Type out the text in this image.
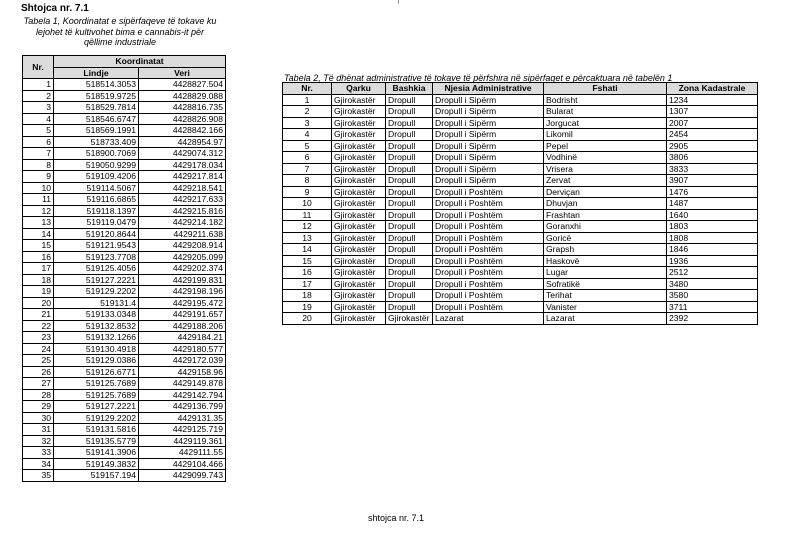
Shtojca nr. 7.1
Tabela 1, Koordinatat e sipërfaqeve të tokave ku lejohet të kultivohet bima e cannabis-it për qëllime industriale
Nr.	Koordinatat	
	Lindje	Veri
1	518514.3053	4428827.504
2	518519.9725	4428829.088
3	518529.7814	4428816.735
4	518546.6747	4428826.908
5	518569.1991	4428842.166
6	518733.409	4428954.97
7	518900.7069	4429074.312
8	519050.9299	4429178.034
9	519109.4206	4429217.814
10	519114.5067	4429218.541
11	519116.6865	4429217.633
12	519118.1397	4429215.816
13	519119.0479	4429214.182
14	519120.8644	4429211.638
15	519121.9543	4429208.914
16	519123.7708	4429205.099
17	519125.4056	4429202.374
18	519127.2221	4429199.831
19	519129.2202	4429198.196
20	519131.4	4429195.472
21	519133.0348	4429191.657
22	519132.8532	4429188.206
23	519132.1266	4429184.21
24	519130.4918	4429180.577
25	519129.0386	4429172.039
26	519126.6771	4429158.96
27	519125.7689	4429149.878
28	519125.7689	4429142.794
29	519127.2221	4429136.799
30	519129.2202	4429131.35
31	519131.5816	4429125.719
32	519135.5779	4429119.361
33	519141.3906	4429111.55
34	519149.3832	4429104.466
35	519157.194	4429099.743
Tabela 2, Të dhënat administrative të tokave të përfshira në sipërfaqet e përcaktuara në tabelën 1
Nr.	Qarku	Bashkia	Njesia Administrative	Fshati	Zona Kadastrale
1	Gjirokastër	Dropull	Dropull i Sipërm	Bodrisht	1234
2	Gjirokastër	Dropull	Dropull i Sipërm	Bularat	1307
3	Gjirokastër	Dropull	Dropull i Sipërm	Jorgucat	2007
4	Gjirokastër	Dropull	Dropull i Sipërm	Likomil	2454
5	Gjirokastër	Dropull	Dropull i Sipërm	Pepel	2905
6	Gjirokastër	Dropull	Dropull i Sipërm	Vodhinë	3806
7	Gjirokastër	Dropull	Dropull i Sipërm	Vrisera	3833
8	Gjirokastër	Dropull	Dropull i Sipërm	Zervat	3907
9	Gjirokastër	Dropull	Dropull i Poshtëm	Derviçan	1476
10	Gjirokastër	Dropull	Dropull i Poshtëm	Dhuvjan	1487
11	Gjirokastër	Dropull	Dropull i Poshtëm	Frashtan	1640
12	Gjirokastër	Dropull	Dropull i Poshtëm	Goranxhi	1803
13	Gjirokastër	Dropull	Dropull i Poshtëm	Goricë	1808
14	Gjirokastër	Dropull	Dropull i Poshtëm	Grapsh	1846
15	Gjirokastër	Dropull	Dropull i Poshtëm	Haskovë	1936
16	Gjirokastër	Dropull	Dropull i Poshtëm	Lugar	2512
17	Gjirokastër	Dropull	Dropull i Poshtëm	Sofratikë	3480
18	Gjirokastër	Dropull	Dropull i Poshtëm	Terihat	3580
19	Gjirokastër	Dropull	Dropull i Poshtëm	Vanister	3711
20	Gjirokastër	Gjirokastër	Lazarat	Lazarat	2392
shtojca nr. 7.1
